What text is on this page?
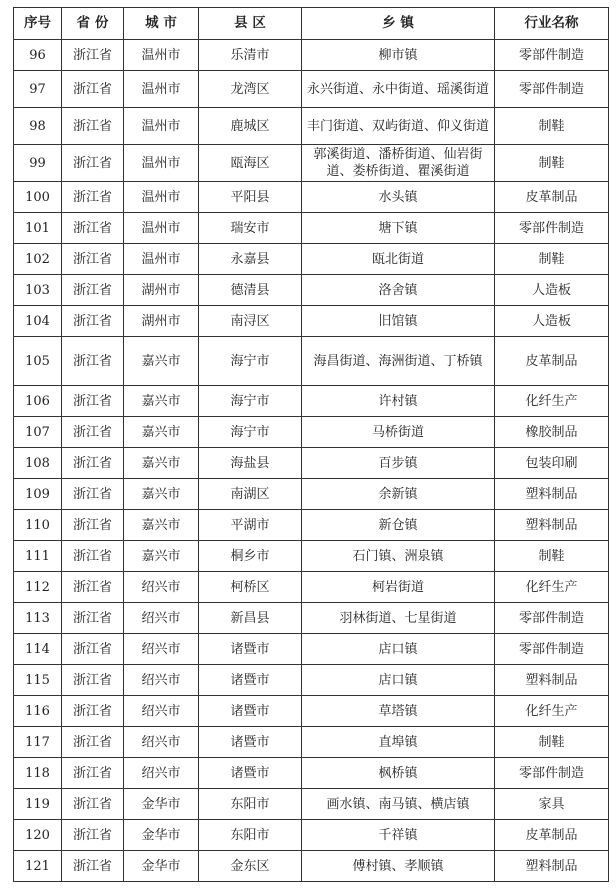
序号	省 份	城 市	县 区	乡 镇	行业名称
96	浙江省	温州市	乐清市	柳市镇	零部件制造
97	浙江省	温州市	龙湾区	永兴街道、永中街道、瑶溪街道	零部件制造
98	浙江省	温州市	鹿城区	丰门街道、双屿街道、仰义街道	制鞋
99	浙江省	温州市	瓯海区	郭溪街道、潘桥街道、仙岩街道、娄桥街道、瞿溪街道	制鞋
100	浙江省	温州市	平阳县	水头镇	皮革制品
101	浙江省	温州市	瑞安市	塘下镇	零部件制造
102	浙江省	温州市	永嘉县	瓯北街道	制鞋
103	浙江省	湖州市	德清县	洛舍镇	人造板
104	浙江省	湖州市	南浔区	旧馆镇	人造板
105	浙江省	嘉兴市	海宁市	海昌街道、海洲街道、丁桥镇	皮革制品
106	浙江省	嘉兴市	海宁市	许村镇	化纤生产
107	浙江省	嘉兴市	海宁市	马桥街道	橡胶制品
108	浙江省	嘉兴市	海盐县	百步镇	包装印刷
109	浙江省	嘉兴市	南湖区	余新镇	塑料制品
110	浙江省	嘉兴市	平湖市	新仓镇	塑料制品
111	浙江省	嘉兴市	桐乡市	石门镇、洲泉镇	制鞋
112	浙江省	绍兴市	柯桥区	柯岩街道	化纤生产
113	浙江省	绍兴市	新昌县	羽林街道、七星街道	零部件制造
114	浙江省	绍兴市	诸暨市	店口镇	零部件制造
115	浙江省	绍兴市	诸暨市	店口镇	塑料制品
116	浙江省	绍兴市	诸暨市	草塔镇	化纤生产
117	浙江省	绍兴市	诸暨市	直埠镇	制鞋
118	浙江省	绍兴市	诸暨市	枫桥镇	零部件制造
119	浙江省	金华市	东阳市	画水镇、南马镇、横店镇	家具
120	浙江省	金华市	东阳市	千祥镇	皮革制品
121	浙江省	金华市	金东区	傅村镇、孝顺镇	塑料制品
